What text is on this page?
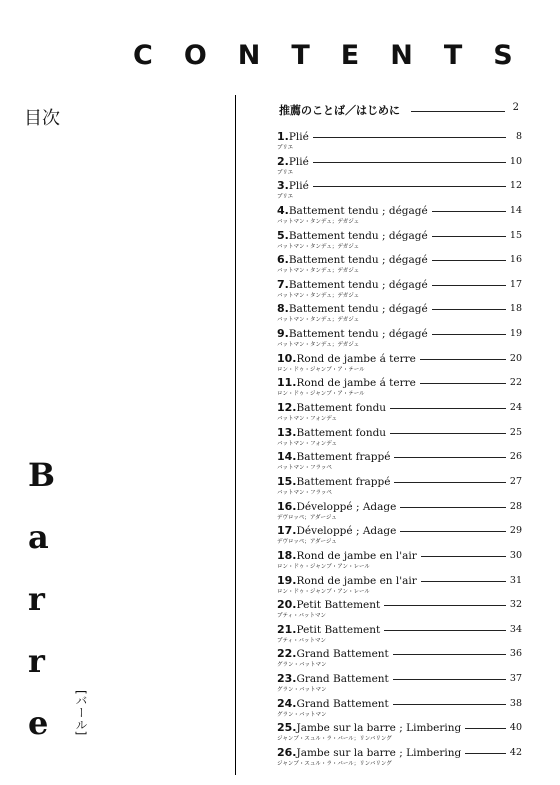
CONTENTS
目次
B
a
r
r
e	[バール]
推薦のことば／はじめに	2
1.Plié	8
プリエ
2.Plié	10
プリエ
3.Plié	12
プリエ
4.Battement tendu ; dégagé	14
バットマン・タンデュ；デガジェ
5.Battement tendu ; dégagé	15
バットマン・タンデュ；デガジェ
6.Battement tendu ; dégagé	16
バットマン・タンデュ；デガジェ
7.Battement tendu ; dégagé	17
バットマン・タンデュ；デガジェ
8.Battement tendu ; dégagé	18
バットマン・タンデュ；デガジェ
9.Battement tendu ; dégagé	19
バットマン・タンデュ；デガジェ
10.Rond de jambe á terre	20
ロン・ドゥ・ジャンブ・ア・テール
11.Rond de jambe á terre	22
ロン・ドゥ・ジャンブ・ア・テール
12.Battement fondu	24
バットマン・フォンデュ
13.Battement fondu	25
バットマン・フォンデュ
14.Battement frappé	26
バットマン・フラッペ
15.Battement frappé	27
バットマン・フラッペ
16.Développé ; Adage	28
デヴロッペ；アダージュ
17.Développé ; Adage	29
デヴロッペ；アダージュ
18.Rond de jambe en l'air	30
ロン・ドゥ・ジャンブ・アン・レール
19.Rond de jambe en l'air	31
ロン・ドゥ・ジャンブ・アン・レール
20.Petit Battement	32
プティ・バットマン
21.Petit Battement	34
プティ・バットマン
22.Grand Battement	36
グラン・バットマン
23.Grand Battement	37
グラン・バットマン
24.Grand Battement	38
グラン・バットマン
25.Jambe sur la barre ; Limbering	40
ジャンブ・スュル・ラ・バール；リンバリング
26.Jambe sur la barre ; Limbering	42
ジャンブ・スュル・ラ・バール；リンバリング
